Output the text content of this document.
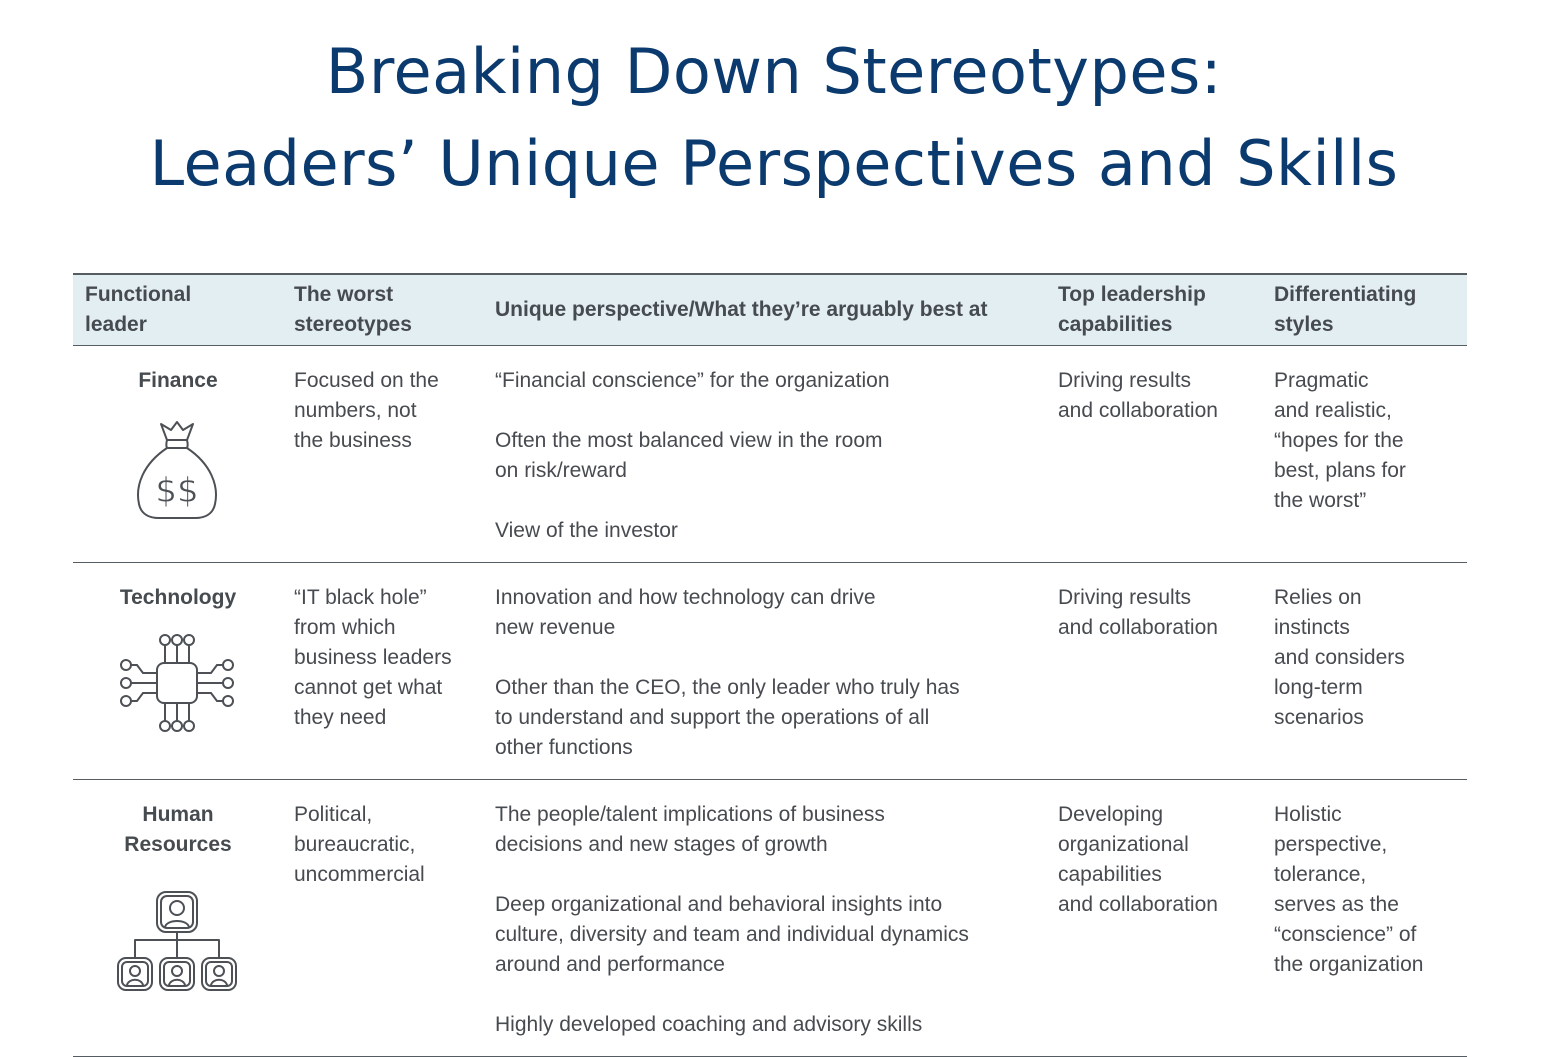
Breaking Down Stereotypes:
Leaders’ Unique Perspectives and Skills
Functional
leader
The worst
stereotypes
Unique perspective/What they’re arguably best at
Top leadership
capabilities
Differentiating
styles
Finance
$$
Focused on the
numbers, not
the business

“Financial conscience” for the organization

Often the most balanced view in the room
on risk/reward

View of the investor

Driving results
and collaboration
Pragmatic
and realistic,
“hopes for the
best, plans for
the worst”
Technology	“IT black hole”
from which
business leaders
cannot get what
they need

Innovation and how technology can drive
new revenue

Other than the CEO, the only leader who truly has
to understand and support the operations of all
other functions

Driving results
and collaboration
Relies on
instincts
and considers
long-term
scenarios
Human
Resources
Political,
bureaucratic,
uncommercial

The people/talent implications of business
decisions and new stages of growth

Deep organizational and behavioral insights into
culture, diversity and team and individual dynamics
around and performance

Highly developed coaching and advisory skills

Developing
organizational
capabilities
and collaboration
Holistic
perspective,
tolerance,
serves as the
“conscience” of
the organization
